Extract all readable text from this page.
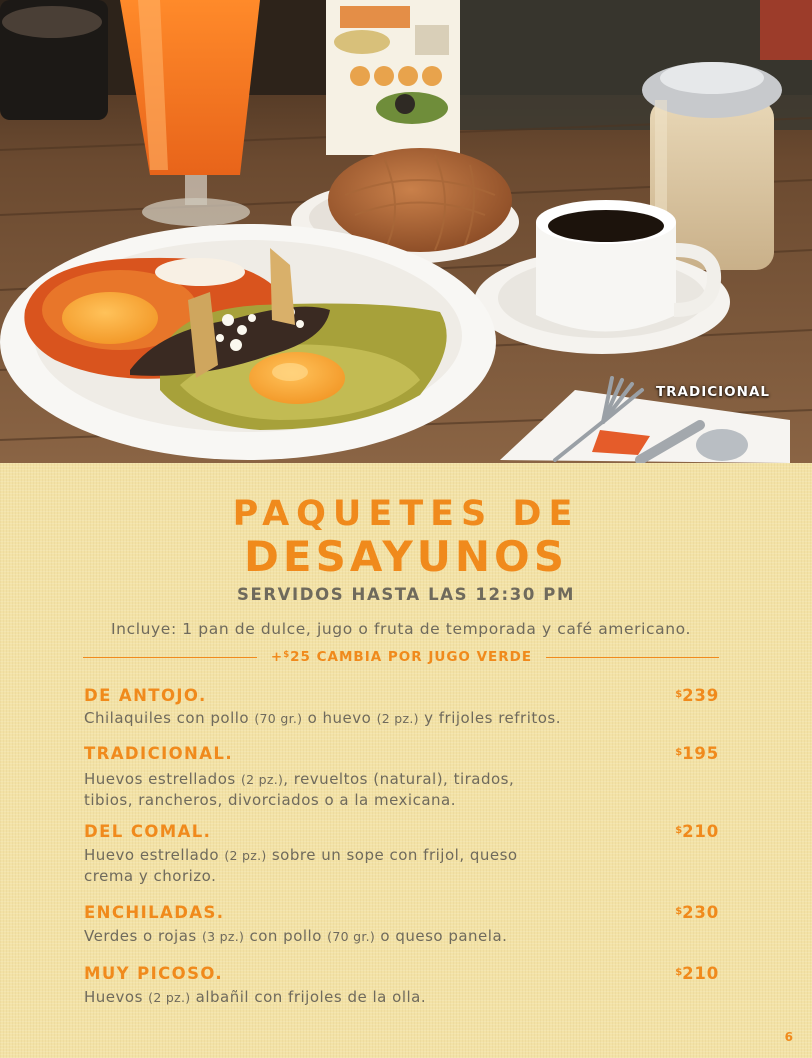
TRADICIONAL
PAQUETES DE
DESAYUNOS
SERVIDOS HASTA LAS 12:30 PM
Incluye: 1 pan de dulce, jugo o fruta de temporada y café americano.
+$25 CAMBIA POR JUGO VERDE
DE ANTOJO.	$239
Chilaquiles con pollo (70 gr.) o huevo (2 pz.) y frijoles refritos.
TRADICIONAL.	$195
Huevos estrellados (2 pz.), revueltos (natural), tirados,
tibios, rancheros, divorciados o a la mexicana.
DEL COMAL.	$210
Huevo estrellado (2 pz.) sobre un sope con frijol, queso
crema y chorizo.
ENCHILADAS.	$230
Verdes o rojas (3 pz.) con pollo (70 gr.) o queso panela.
MUY PICOSO.	$210
Huevos (2 pz.) albañil con frijoles de la olla.
6
